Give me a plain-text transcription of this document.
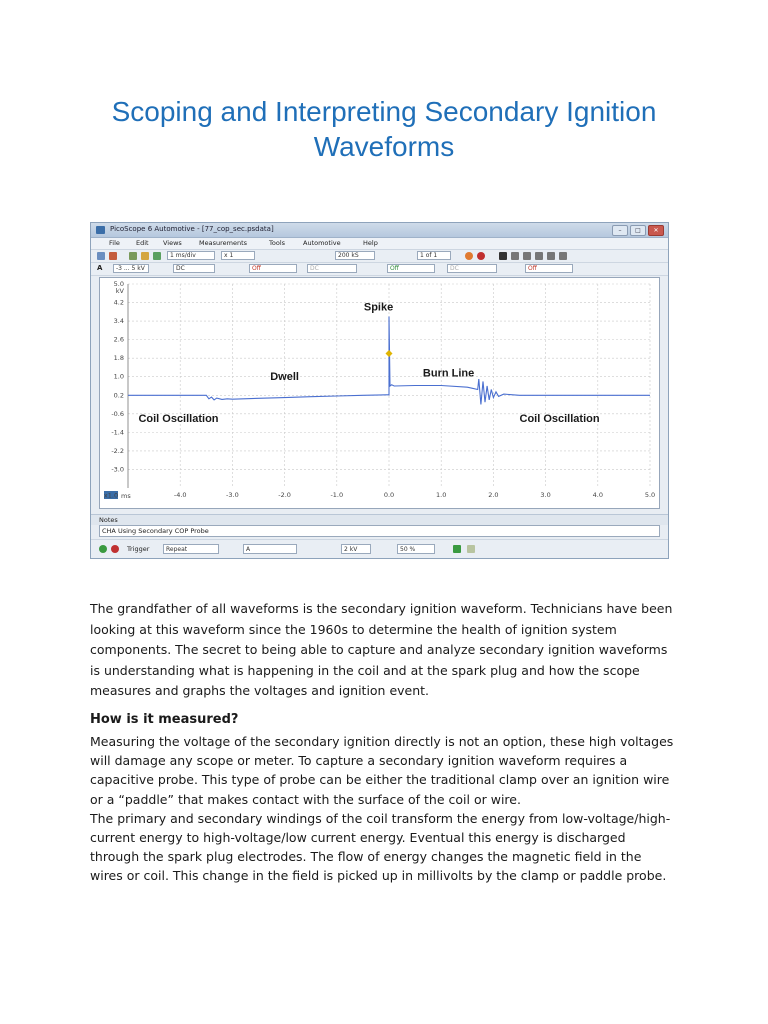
Scoping and Interpreting Secondary Ignition Waveforms
PicoScope 6 Automotive - [77_cop_sec.psdata]	–	□	✕
File Edit Views	Measurements	Tools	Automotive	Help
1 ms/div	x 1	200 kS	1 of 1
A	-3 ... 5 kV	DC	Off	DC	Off	DC	Off
-4.0	-3.0	-2.0	-1.0	0.0	1.0	2.0	3.0	4.0	5.0
5.0
4.2
3.4
2.6
1.8
1.0
0.2
-0.6
-1.4
-2.2
-3.0
kV
x1.0 ms
Spike
Dwell	Burn Line
Coil Oscillation	Coil Oscillation
Notes
CHA Using Secondary COP Probe
Trigger	Repeat	A	2 kV	50 %
The grandfather of all waveforms is the secondary ignition waveform. Technicians have been looking at this waveform since the 1960s to determine the health of ignition system components. The secret to being able to capture and analyze secondary ignition waveforms is understanding what is happening in the coil and at the spark plug and how the scope measures and graphs the voltages and ignition event.
How is it measured?
Measuring the voltage of the secondary ignition directly is not an option, these high voltages will damage any scope or meter. To capture a secondary ignition waveform requires a capacitive probe. This type of probe can be either the traditional clamp over an ignition wire or a “paddle” that makes contact with the surface of the coil or wire.
The primary and secondary windings of the coil transform the energy from low-voltage/high-current energy to high-voltage/low current energy. Eventual this energy is discharged through the spark plug electrodes. The flow of energy changes the magnetic field in the wires or coil. This change in the field is picked up in millivolts by the clamp or paddle probe.
